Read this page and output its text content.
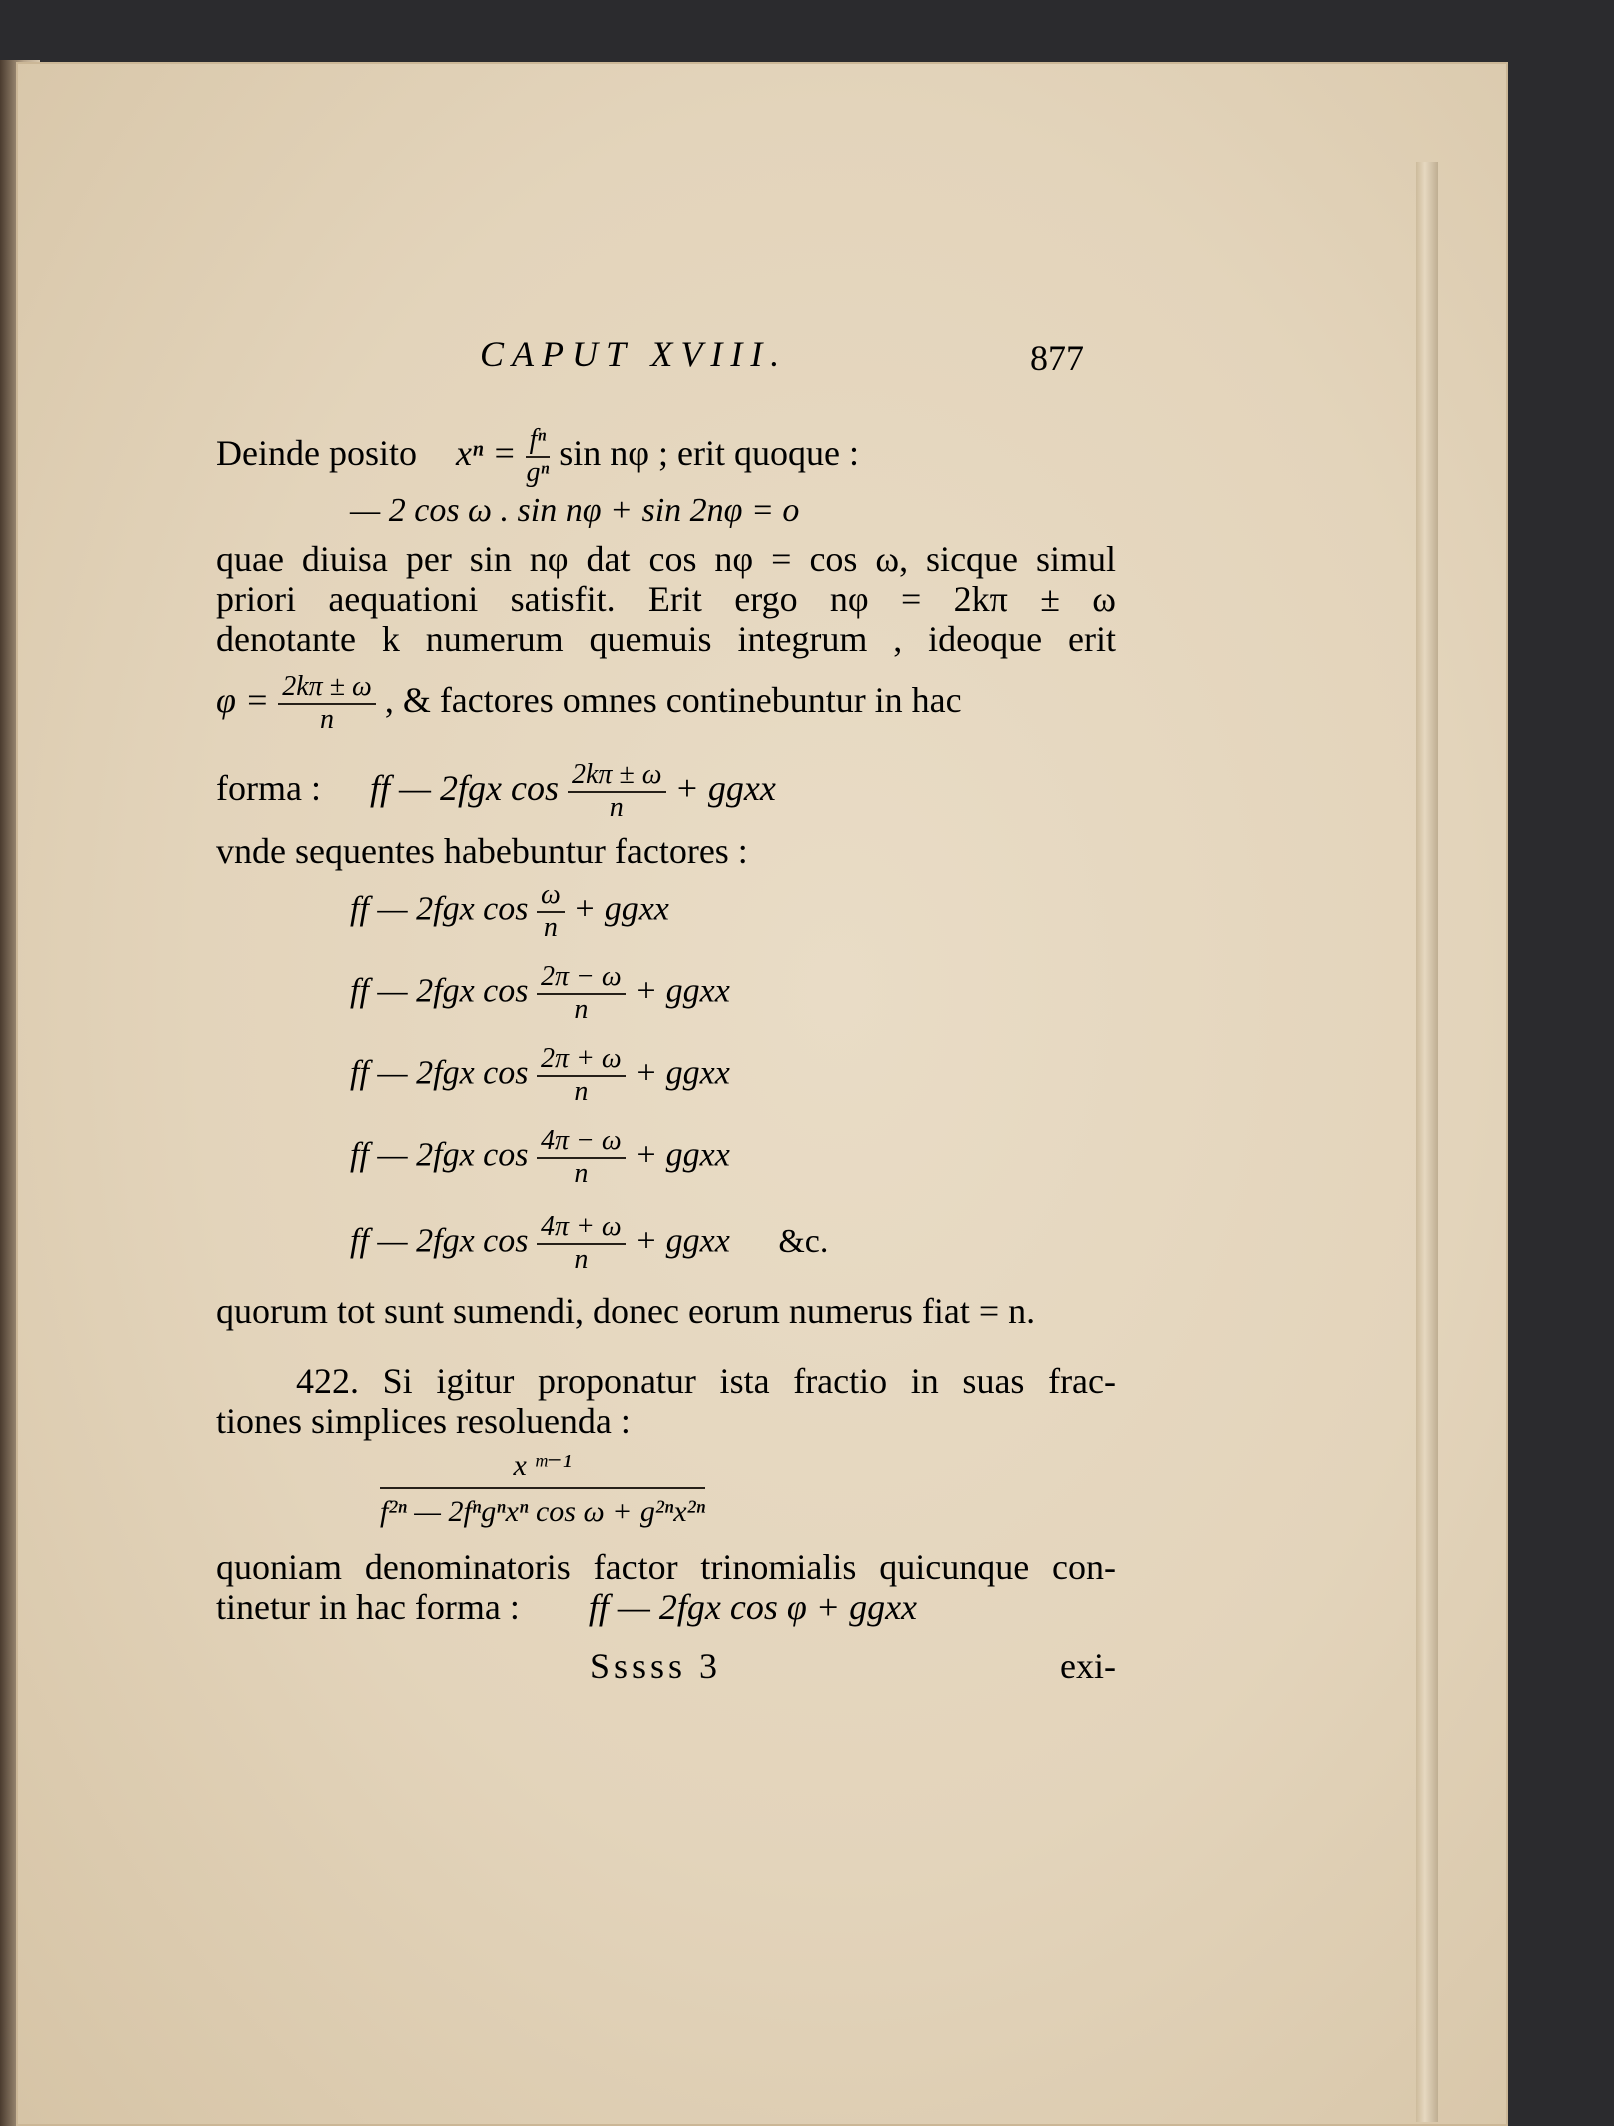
CAPUT XVIII.	877
Deinde posito $x^n = \frac{\text{fⁿ}}{\text{gⁿ}}$ sin nφ ; erit quoque :
— 2 cos ω . sin nφ + sin 2nφ = o
quae diuisa per sin nφ dat cos nφ = cos ω, sicque simul
priori aequationi satisfit. Erit ergo nφ = 2kπ ± ω
denotante k numerum quemuis integrum , ideoque erit
$\varphi = \frac{2k\pi \pm \omega}{n}$ , & factores omnes continebuntur in hac
forma : ff — 2fgx $\cos \frac{2k\pi \pm \omega}{n}$ + ggxx
vnde sequentes habebuntur factores :
ff — 2fgx $\cos \frac{\omega}{n}$ + ggxx
ff — 2fgx $\cos \frac{2\pi - \omega}{n}$ + ggxx
ff — 2fgx $\cos \frac{2\pi + \omega}{n}$ + ggxx
ff — 2fgx $\cos \frac{4\pi - \omega}{n}$ + ggxx
ff — 2fgx $\cos \frac{4\pi + \omega}{n}$ + ggxx &c.
quorum tot sunt sumendi, donec eorum numerus fiat = n.
422. Si igitur proponatur ista fractio in suas frac-
tiones simplices resoluenda :
x ᵐ⁻¹
f²ⁿ — 2fⁿgⁿxⁿ cos ω + g²ⁿx²ⁿ
quoniam denominatoris factor trinomialis quicunque con-
tinetur in hac forma : ff — 2fgx cos φ + ggxx
Sssss 3	exi-
